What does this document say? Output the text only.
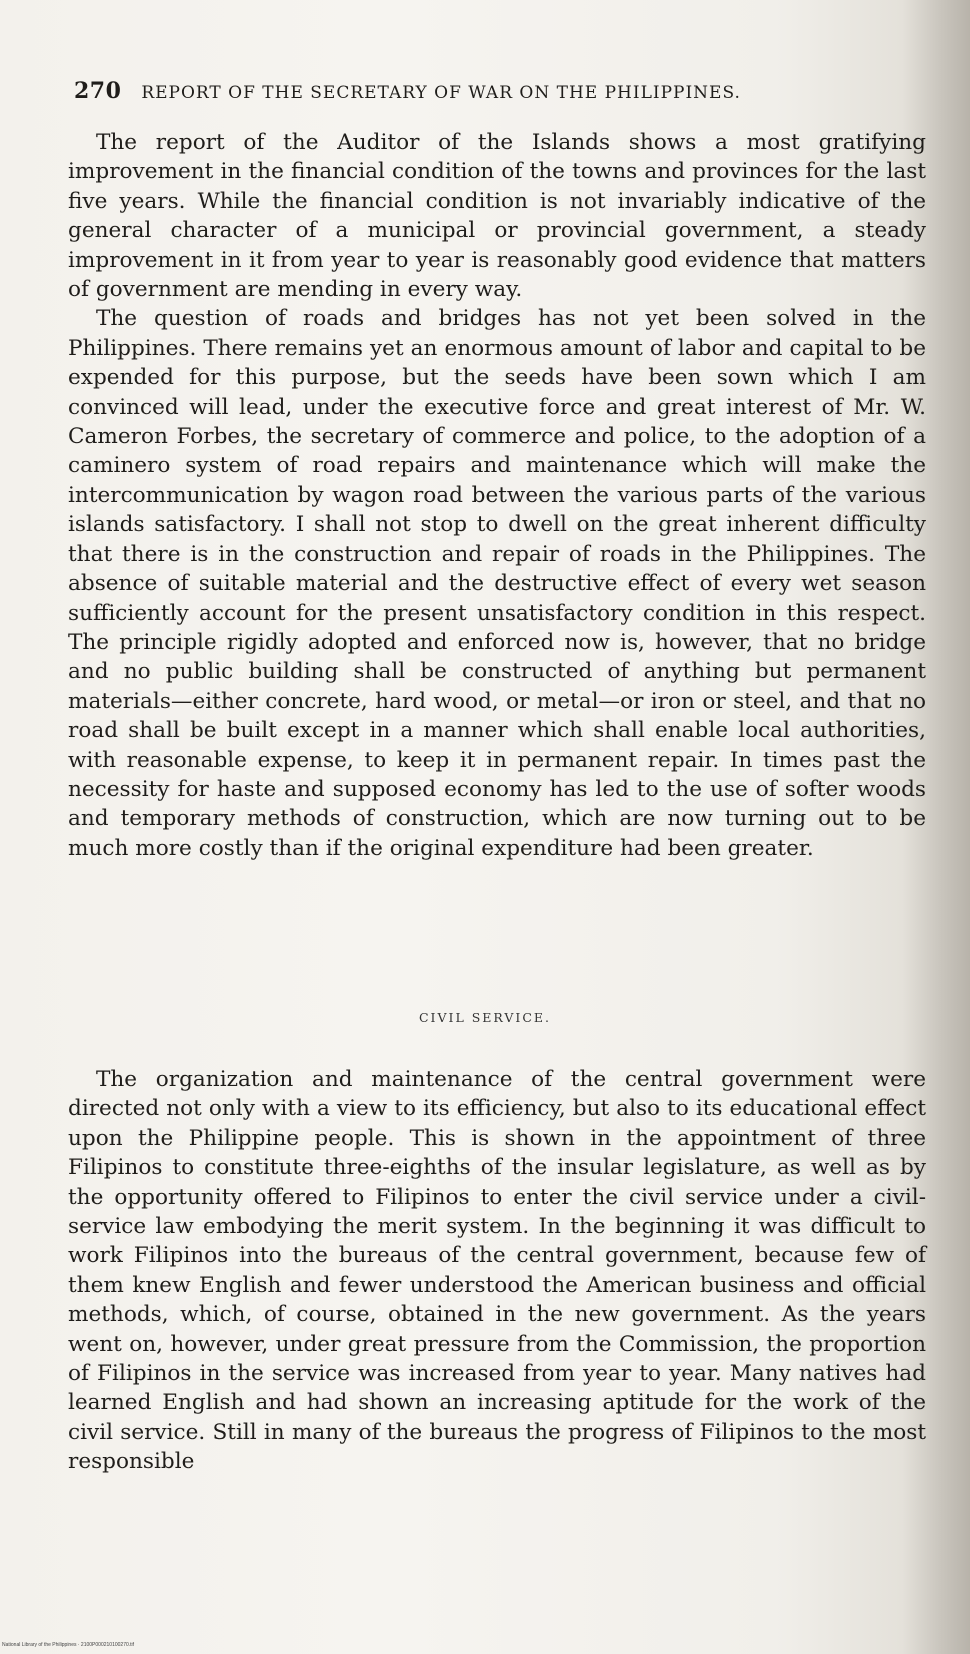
270 REPORT OF THE SECRETARY OF WAR ON THE PHILIPPINES.

The report of the Auditor of the Islands shows a most gratifying improvement in the financial condition of the towns and provinces for the last five years. While the financial condition is not invariably indicative of the general character of a municipal or provincial government, a steady improvement in it from year to year is reasonably good evidence that matters of government are mending in every way.

The question of roads and bridges has not yet been solved in the Philippines. There remains yet an enormous amount of labor and capital to be expended for this purpose, but the seeds have been sown which I am convinced will lead, under the executive force and great interest of Mr. W. Cameron Forbes, the secretary of commerce and police, to the adoption of a caminero system of road repairs and maintenance which will make the intercommunication by wagon road between the various parts of the various islands satisfactory. I shall not stop to dwell on the great inherent difficulty that there is in the construction and repair of roads in the Philippines. The absence of suitable material and the destructive effect of every wet season sufficiently account for the present unsatisfactory condition in this respect. The principle rigidly adopted and enforced now is, however, that no bridge and no public building shall be constructed of anything but permanent materials—either concrete, hard wood, or metal—or iron or steel, and that no road shall be built except in a manner which shall enable local authorities, with reasonable expense, to keep it in permanent repair. In times past the necessity for haste and supposed economy has led to the use of softer woods and temporary methods of construction, which are now turning out to be much more costly than if the original expenditure had been greater.

CIVIL SERVICE.

The organization and maintenance of the central government were directed not only with a view to its efficiency, but also to its educational effect upon the Philippine people. This is shown in the appointment of three Filipinos to constitute three-eighths of the insular legislature, as well as by the opportunity offered to Filipinos to enter the civil service under a civil-service law embodying the merit system. In the beginning it was difficult to work Filipinos into the bureaus of the central government, because few of them knew English and fewer understood the American business and official methods, which, of course, obtained in the new government. As the years went on, however, under great pressure from the Commission, the proportion of Filipinos in the service was increased from year to year. Many natives had learned English and had shown an increasing aptitude for the work of the civil service. Still in many of the bureaus the progress of Filipinos to the most responsible

National Library of the Philippines · 2100P000210100270.tif
